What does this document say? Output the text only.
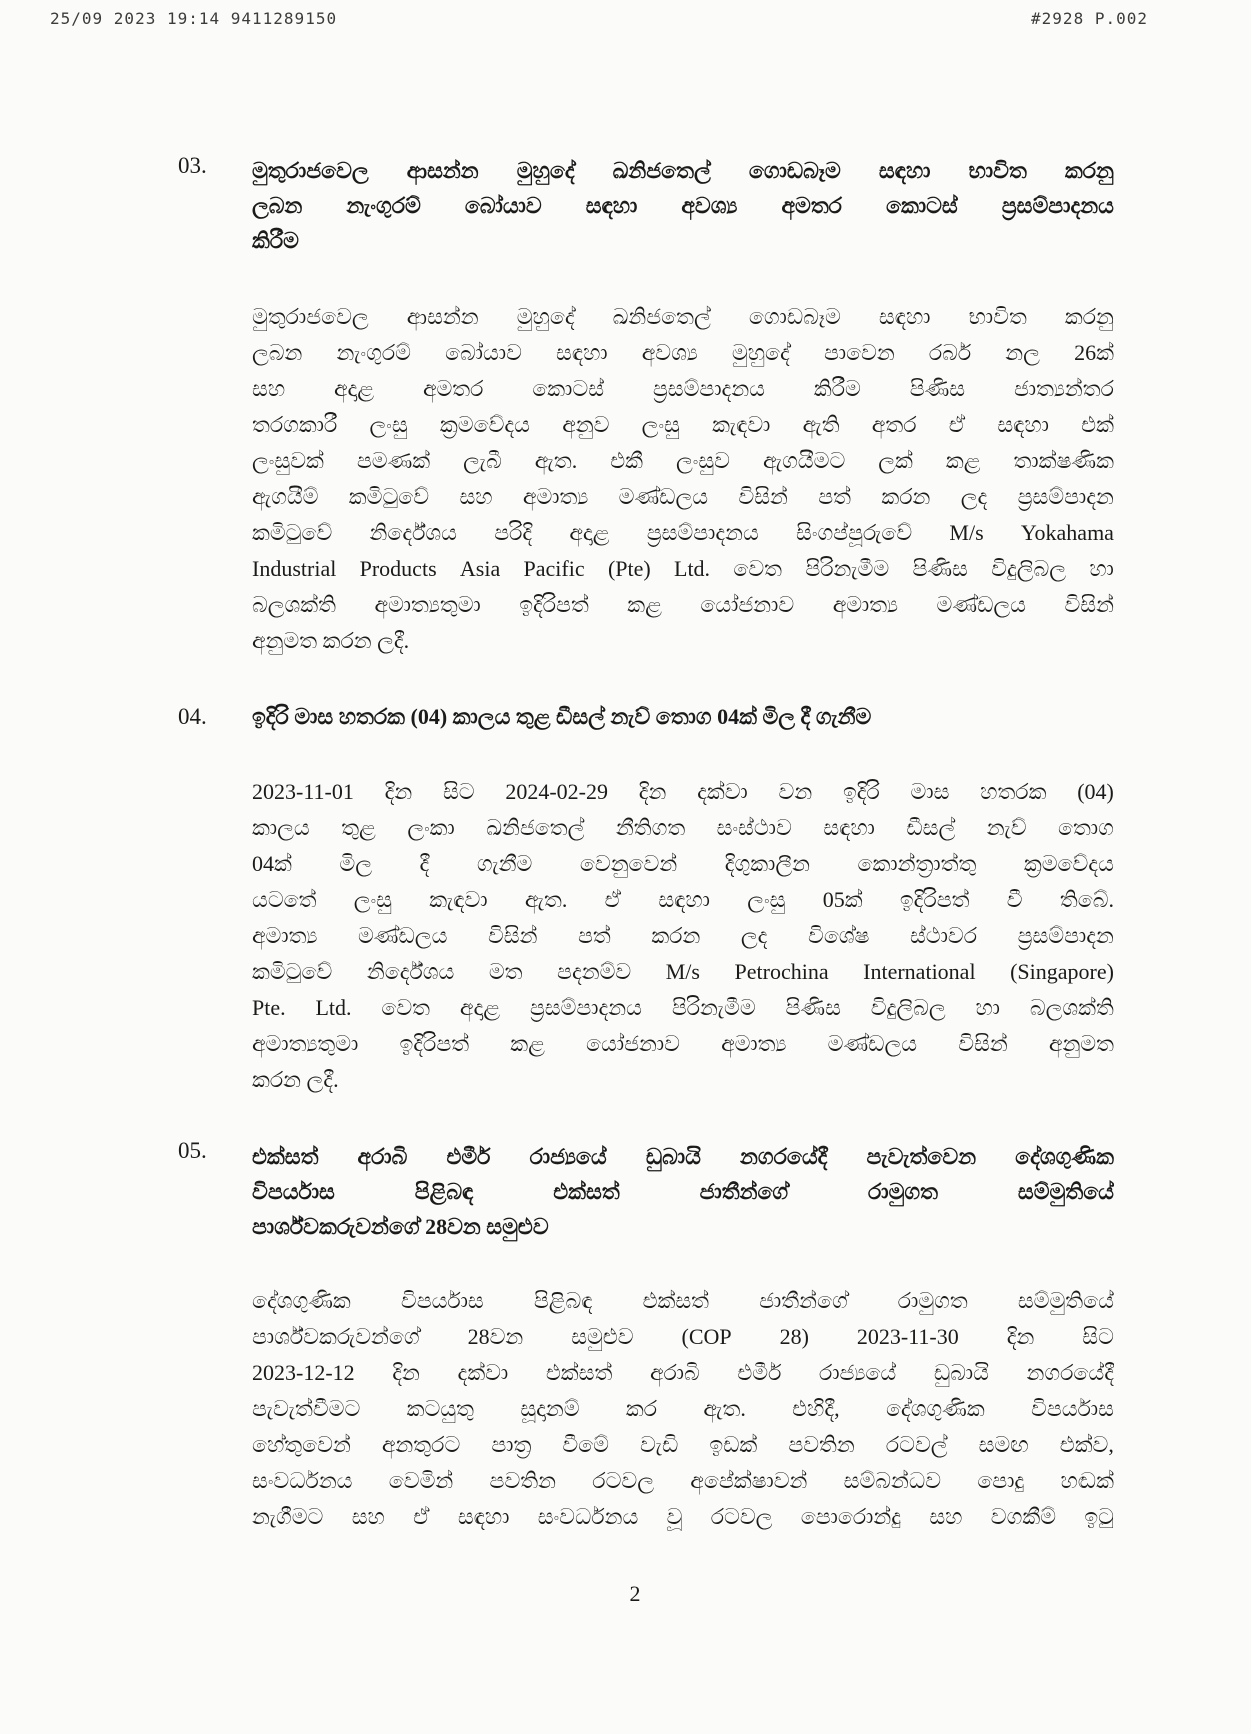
25/09 2023 19:14 9411289150	#2928 P.002
03. මුතුරාජවෙල ආසන්න මුහුදේ ඛනිජතෙල් ගොඩබෑම සඳහා භාවිත කරනු
ලබන නැංගුරම් බෝයාව සඳහා අවශ්‍ය අමතර කොටස් ප්‍රසම්පාදනය
කිරීම
මුතුරාජවෙල ආසන්න මුහුදේ ඛනිජතෙල් ගොඩබෑම සඳහා භාවිත කරනු
ලබන නැංගුරම් බෝයාව සඳහා අවශ්‍ය මුහුදේ පාවෙන රබර් නල 26ක්
සහ අදාළ අමතර කොටස් ප්‍රසම්පාදනය කිරීම පිණිස ජාත්‍යන්තර
තරගකාරී ලංසු ක්‍රමවේදය අනුව ලංසු කැඳවා ඇති අතර ඒ සඳහා එක්
ලංසුවක් පමණක් ලැබී ඇත. එකී ලංසුව ඇගයීමට ලක් කළ තාක්ෂණික
ඇගයීම් කමිටුවේ සහ අමාත්‍ය මණ්ඩලය විසින් පත් කරන ලද ප්‍රසම්පාදන
කමිටුවේ නිර්දේශය පරිදි අදාළ ප්‍රසම්පාදනය සිංගප්පූරුවේ M/s Yokahama
Industrial Products Asia Pacific (Pte) Ltd. වෙත පිරිනැමීම පිණිස විදුලිබල හා
බලශක්ති අමාත්‍යතුමා ඉදිරිපත් කළ යෝජනාව අමාත්‍ය මණ්ඩලය විසින්
අනුමත කරන ලදී.
04. ඉදිරි මාස හතරක (04) කාලය තුළ ඩීසල් නැව් තොග 04ක් මිල දී ගැනීම
2023-11-01 දින සිට 2024-02-29 දින දක්වා වන ඉදිරි මාස හතරක (04)
කාලය තුළ ලංකා ඛනිජතෙල් නීතිගත සංස්ථාව සඳහා ඩීසල් නැව් තොග
04ක් මිල දී ගැනීම වෙනුවෙන් දිගුකාලීන කොන්ත්‍රාත්තු ක්‍රමවේදය
යටතේ ලංසු කැඳවා ඇත. ඒ සඳහා ලංසු 05ක් ඉදිරිපත් වී තිබේ.
අමාත්‍ය මණ්ඩලය විසින් පත් කරන ලද විශේෂ ස්ථාවර ප්‍රසම්පාදන
කමිටුවේ නිර්දේශය මත පදනම්ව M/s Petrochina International (Singapore)
Pte. Ltd. වෙත අදාළ ප්‍රසම්පාදනය පිරිනැමීම පිණිස විදුලිබල හා බලශක්ති
අමාත්‍යතුමා ඉදිරිපත් කළ යෝජනාව අමාත්‍ය මණ්ඩලය විසින් අනුමත
කරන ලදී.
05. එක්සත් අරාබි එමීර් රාජ්‍යයේ ඩුබායි නගරයේදී පැවැත්වෙන දේශගුණික
විපර්යාස	පිළිබඳ	එක්සත්	ජාතීන්ගේ	රාමුගත	සම්මුතියේ
පාර්ශ්වකරුවන්ගේ 28වන සමුළුව
දේශගුණික විපර්යාස පිළිබඳ එක්සත් ජාතීන්ගේ රාමුගත සම්මුතියේ
පාර්ශ්වකරුවන්ගේ 28වන සමුළුව (COP 28) 2023-11-30 දින සිට
2023-12-12 දින දක්වා එක්සත් අරාබි එමීර් රාජ්‍යයේ ඩුබායි නගරයේදී
පැවැත්වීමට කටයුතු සූදානම් කර ඇත. එහිදී, දේශගුණික විපර්යාස
හේතුවෙන් අනතුරට පාත්‍ර වීමේ වැඩි ඉඩක් පවතින රටවල් සමඟ එක්ව,
සංවර්ධනය වෙමින් පවතින රටවල අපේක්ෂාවන් සම්බන්ධව පොදු හඬක්
නැගීමට සහ ඒ සඳහා සංවර්ධනය වූ රටවල පොරොන්දු සහ වගකීම් ඉටු
2
